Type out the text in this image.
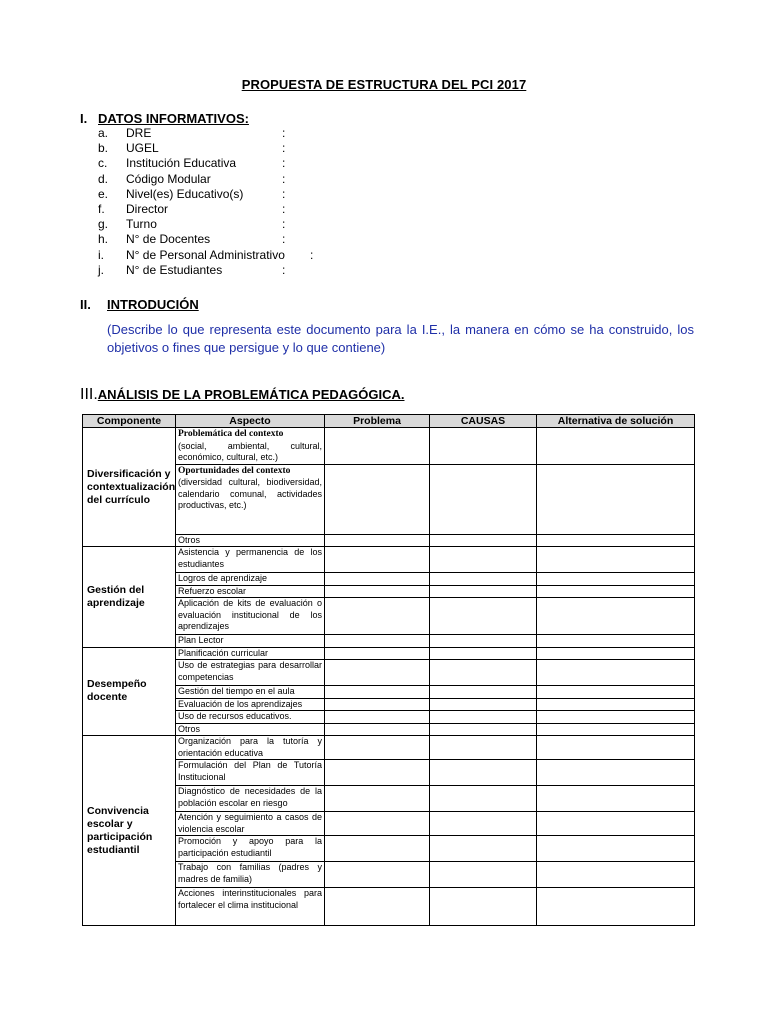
PROPUESTA DE ESTRUCTURA DEL PCI 2017
I. DATOS INFORMATIVOS:
a. DRE	:
b. UGEL	:
c. Institución Educativa	:
d. Código Modular	:
e. Nivel(es) Educativo(s)	:
f. Director	:
g. Turno	:
h. N° de Docentes	:
i. N° de Personal Administrativo :
j. N° de Estudiantes	:
II. INTRODUCIÓN
(Describe lo que representa este documento para la I.E., la manera en cómo se ha construido, los objetivos o fines que persigue y lo que contiene)
III.ANÁLISIS DE LA PROBLEMÁTICA PEDAGÓGICA.
Componente	Aspecto	Problema	CAUSAS	Alternativa de solución
Diversificación y contextualización del currículo	Problemática del contexto
(social, ambiental, cultural, económico, cultural, etc.)			
	Oportunidades del contexto
(diversidad cultural, biodiversidad, calendario comunal, actividades productivas, etc.)			
	Otros			
Gestión del aprendizaje	Asistencia y permanencia de los estudiantes			
	Logros de aprendizaje			
	Refuerzo escolar			
	Aplicación de kits de evaluación o evaluación institucional de los aprendizajes			
	Plan Lector			
Desempeño docente	Planificación curricular			
	Uso de estrategias para desarrollar competencias			
	Gestión del tiempo en el aula			
	Evaluación de los aprendizajes			
	Uso de recursos educativos.			
	Otros			
Convivencia escolar y participación estudiantil	Organización para la tutoría y orientación educativa			
	Formulación del Plan de Tutoría Institucional			
	Diagnóstico de necesidades de la población escolar en riesgo			
	Atención y seguimiento a casos de violencia escolar			
	Promoción y apoyo para la participación estudiantil			
	Trabajo con familias (padres y madres de familia)			
	Acciones interinstitucionales para fortalecer el clima institucional			
